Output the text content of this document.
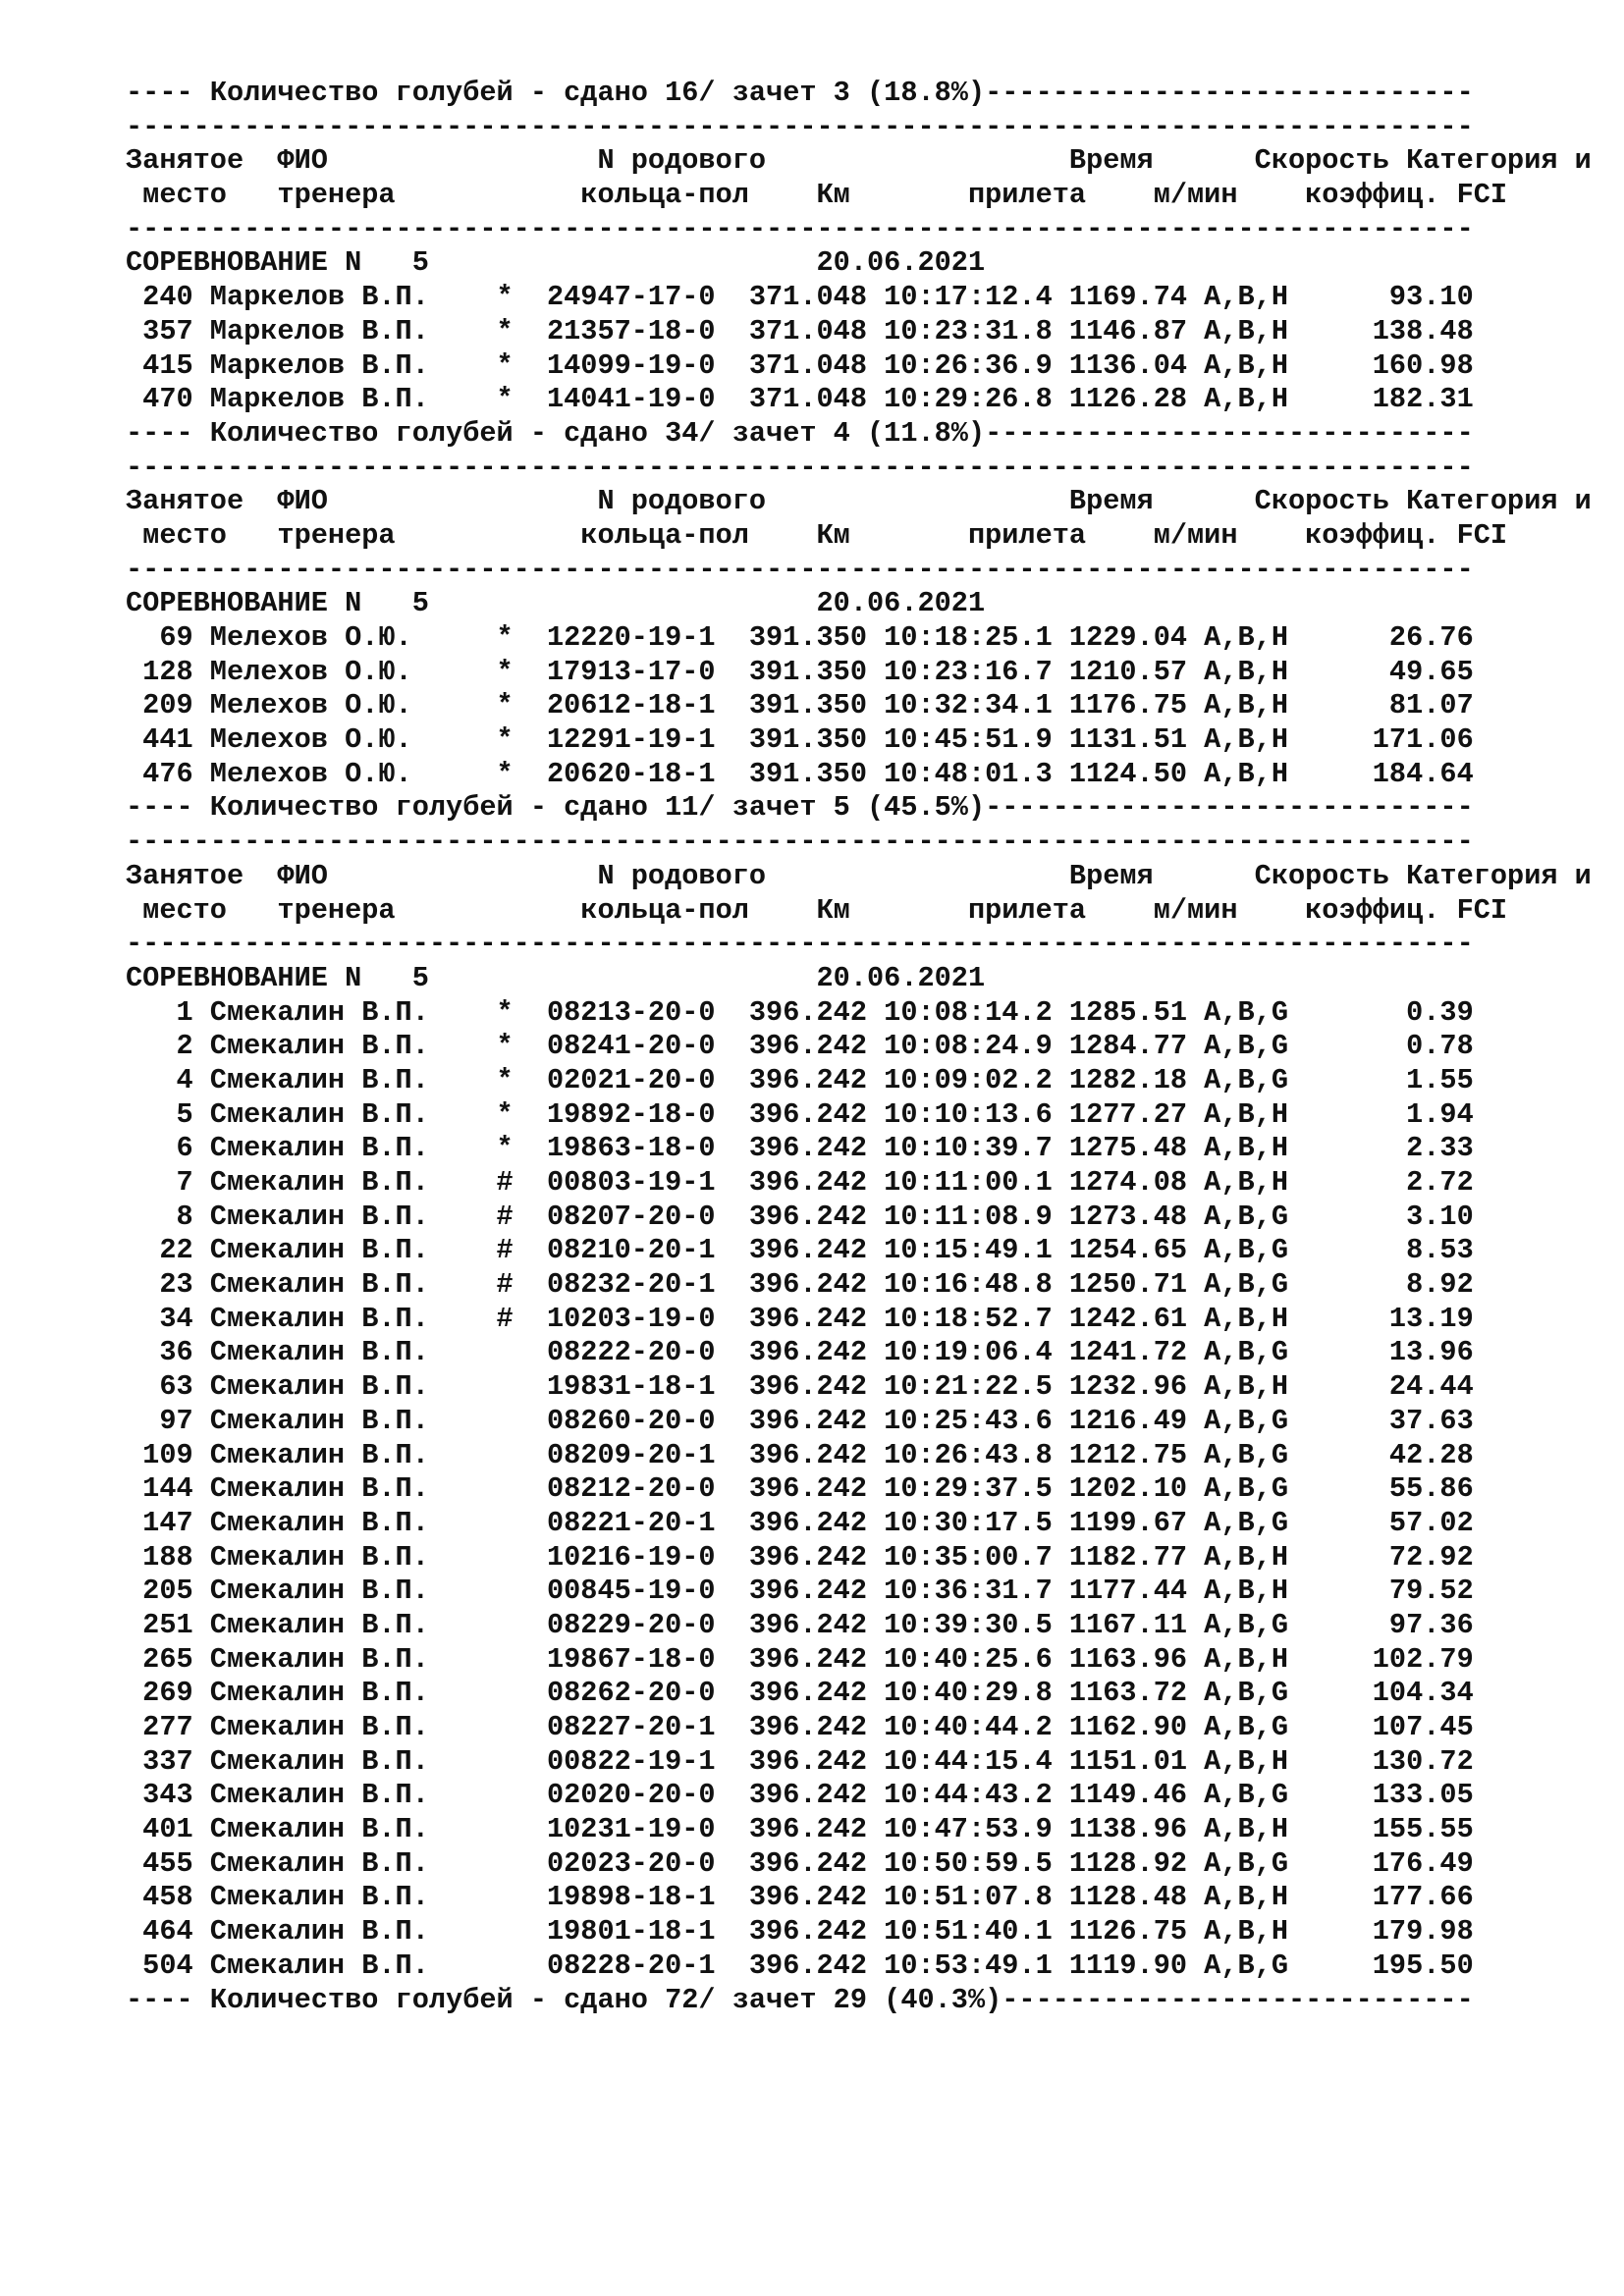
---- Количество голубей - сдано 16/ зачет 3 (18.8%)-----------------------------
--------------------------------------------------------------------------------
Занятое  ФИО                N родового                  Время      Скорость Категория и
место   тренера           кольца-пол    Км       прилета    м/мин    коэффиц. FCI
--------------------------------------------------------------------------------
СОРЕВНОВАНИЕ N   5                       20.06.2021
240 Маркелов В.П.    *  24947-17-0  371.048 10:17:12.4 1169.74 A,B,H      93.10
357 Маркелов В.П.    *  21357-18-0  371.048 10:23:31.8 1146.87 A,B,H     138.48
415 Маркелов В.П.    *  14099-19-0  371.048 10:26:36.9 1136.04 A,B,H     160.98
470 Маркелов В.П.    *  14041-19-0  371.048 10:29:26.8 1126.28 A,B,H     182.31
---- Количество голубей - сдано 34/ зачет 4 (11.8%)-----------------------------
--------------------------------------------------------------------------------
Занятое  ФИО                N родового                  Время      Скорость Категория и
место   тренера           кольца-пол    Км       прилета    м/мин    коэффиц. FCI
--------------------------------------------------------------------------------
СОРЕВНОВАНИЕ N   5                       20.06.2021
69 Мелехов О.Ю.     *  12220-19-1  391.350 10:18:25.1 1229.04 A,B,H      26.76
128 Мелехов О.Ю.     *  17913-17-0  391.350 10:23:16.7 1210.57 A,B,H      49.65
209 Мелехов О.Ю.     *  20612-18-1  391.350 10:32:34.1 1176.75 A,B,H      81.07
441 Мелехов О.Ю.     *  12291-19-1  391.350 10:45:51.9 1131.51 A,B,H     171.06
476 Мелехов О.Ю.     *  20620-18-1  391.350 10:48:01.3 1124.50 A,B,H     184.64
---- Количество голубей - сдано 11/ зачет 5 (45.5%)-----------------------------
--------------------------------------------------------------------------------
Занятое  ФИО                N родового                  Время      Скорость Категория и
место   тренера           кольца-пол    Км       прилета    м/мин    коэффиц. FCI
--------------------------------------------------------------------------------
СОРЕВНОВАНИЕ N   5                       20.06.2021
1 Смекалин В.П.    *  08213-20-0  396.242 10:08:14.2 1285.51 A,B,G       0.39
2 Смекалин В.П.    *  08241-20-0  396.242 10:08:24.9 1284.77 A,B,G       0.78
4 Смекалин В.П.    *  02021-20-0  396.242 10:09:02.2 1282.18 A,B,G       1.55
5 Смекалин В.П.    *  19892-18-0  396.242 10:10:13.6 1277.27 A,B,H       1.94
6 Смекалин В.П.    *  19863-18-0  396.242 10:10:39.7 1275.48 A,B,H       2.33
7 Смекалин В.П.    #  00803-19-1  396.242 10:11:00.1 1274.08 A,B,H       2.72
8 Смекалин В.П.    #  08207-20-0  396.242 10:11:08.9 1273.48 A,B,G       3.10
22 Смекалин В.П.    #  08210-20-1  396.242 10:15:49.1 1254.65 A,B,G       8.53
23 Смекалин В.П.    #  08232-20-1  396.242 10:16:48.8 1250.71 A,B,G       8.92
34 Смекалин В.П.    #  10203-19-0  396.242 10:18:52.7 1242.61 A,B,H      13.19
36 Смекалин В.П.       08222-20-0  396.242 10:19:06.4 1241.72 A,B,G      13.96
63 Смекалин В.П.       19831-18-1  396.242 10:21:22.5 1232.96 A,B,H      24.44
97 Смекалин В.П.       08260-20-0  396.242 10:25:43.6 1216.49 A,B,G      37.63
109 Смекалин В.П.       08209-20-1  396.242 10:26:43.8 1212.75 A,B,G      42.28
144 Смекалин В.П.       08212-20-0  396.242 10:29:37.5 1202.10 A,B,G      55.86
147 Смекалин В.П.       08221-20-1  396.242 10:30:17.5 1199.67 A,B,G      57.02
188 Смекалин В.П.       10216-19-0  396.242 10:35:00.7 1182.77 A,B,H      72.92
205 Смекалин В.П.       00845-19-0  396.242 10:36:31.7 1177.44 A,B,H      79.52
251 Смекалин В.П.       08229-20-0  396.242 10:39:30.5 1167.11 A,B,G      97.36
265 Смекалин В.П.       19867-18-0  396.242 10:40:25.6 1163.96 A,B,H     102.79
269 Смекалин В.П.       08262-20-0  396.242 10:40:29.8 1163.72 A,B,G     104.34
277 Смекалин В.П.       08227-20-1  396.242 10:40:44.2 1162.90 A,B,G     107.45
337 Смекалин В.П.       00822-19-1  396.242 10:44:15.4 1151.01 A,B,H     130.72
343 Смекалин В.П.       02020-20-0  396.242 10:44:43.2 1149.46 A,B,G     133.05
401 Смекалин В.П.       10231-19-0  396.242 10:47:53.9 1138.96 A,B,H     155.55
455 Смекалин В.П.       02023-20-0  396.242 10:50:59.5 1128.92 A,B,G     176.49
458 Смекалин В.П.       19898-18-1  396.242 10:51:07.8 1128.48 A,B,H     177.66
464 Смекалин В.П.       19801-18-1  396.242 10:51:40.1 1126.75 A,B,H     179.98
504 Смекалин В.П.       08228-20-1  396.242 10:53:49.1 1119.90 A,B,G     195.50
---- Количество голубей - сдано 72/ зачет 29 (40.3%)----------------------------
